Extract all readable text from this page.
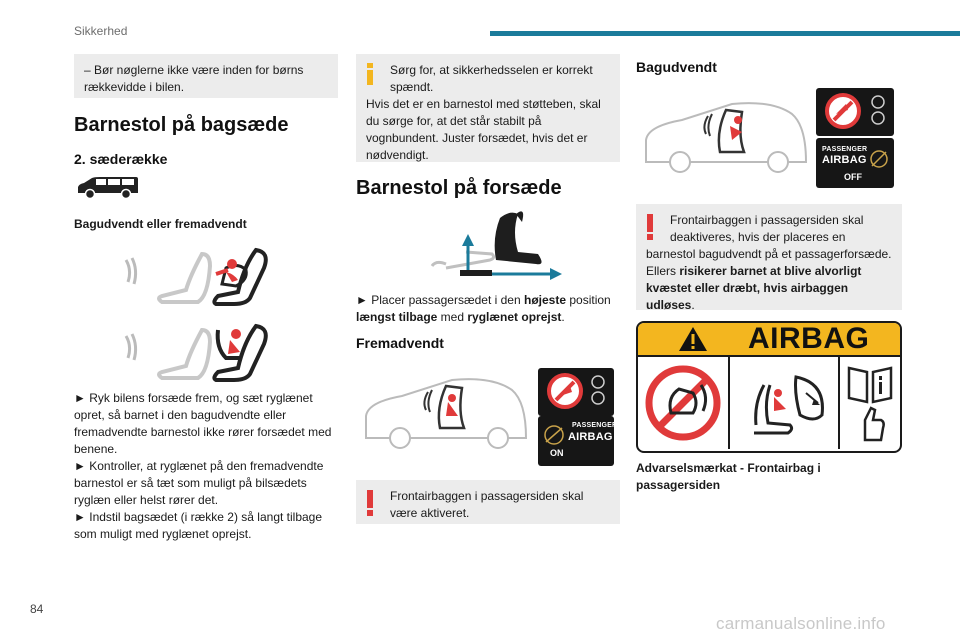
Sikkerhed
– Bør nøglerne ikke være inden for børns rækkevidde i bilen.
Barnestol på bagsæde
2. sæderække
Bagudvendt eller fremadvendt
► Ryk bilens forsæde frem, og sæt ryglænet opret, så barnet i den bagudvendte eller fremadvendte barnestol ikke rører forsædet med benene.
► Kontroller, at ryglænet på den fremadvendte barnestol er så tæt som muligt på bilsædets ryglæn eller helst rører det.
► Indstil bagsædet (i række 2) så langt tilbage som muligt med ryglænet oprejst.
Sørg for, at sikkerhedsselen er korrekt spændt.
Hvis det er en barnestol med støtteben, skal du sørge for, at det står stabilt på vognbundent. Juster forsædet, hvis det er nødvendigt.
Barnestol på forsæde
► Placer passagersædet i den højeste position længst tilbage med ryglænet oprejst.
Fremadvendt
PASSENGER
AIRBAG
ON
Frontairbaggen i passagersiden skal
være aktiveret.
Bagudvendt
PASSENGER
AIRBAG
OFF
Frontairbaggen i passagersiden skal
deaktiveres, hvis der placeres en
barnestol bagudvendt på et passagerforsæde. Ellers risikerer barnet at blive alvorligt kvæstet eller dræbt, hvis airbaggen udløses.
AIRBAG
Advarselsmærkat - Frontairbag i passagersiden
84
carmanualsonline.info
